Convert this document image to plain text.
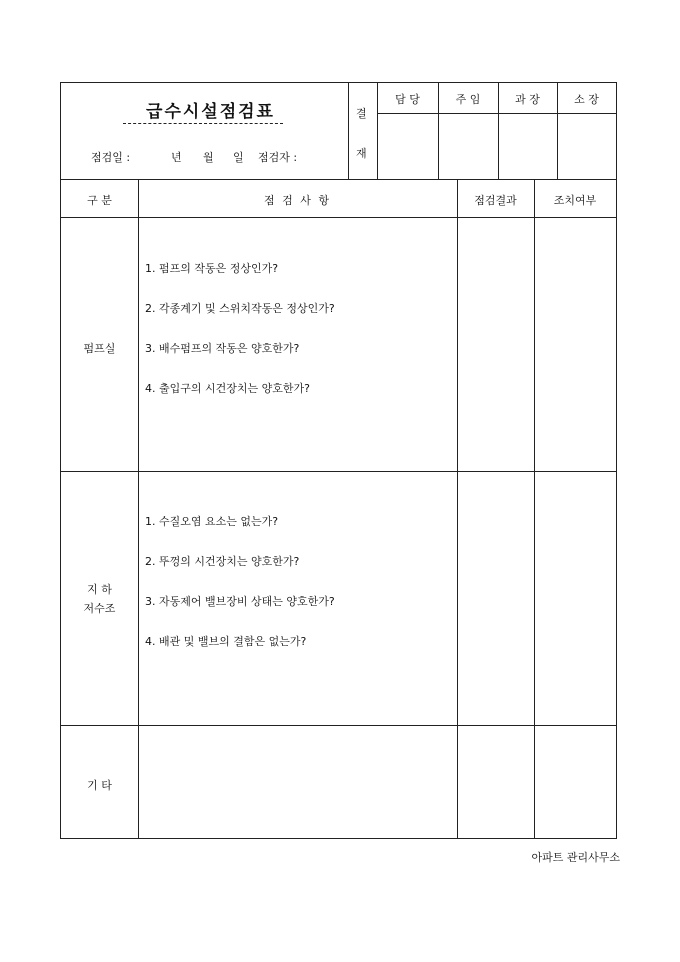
급수시설점검표
점검일 :	년 월 일 점검자 :
결
재
담 당	주 임	과 장	소 장
구 분	점 검 사 항	점검결과	조치여부
펌프실
1. 펌프의 작동은 정상인가?
2. 각종계기 및 스위치작동은 정상인가?
3. 배수펌프의 작동은 양호한가?
4. 출입구의 시건장치는 양호한가?
지 하
저수조
1. 수질오염 요소는 없는가?
2. 뚜껑의 시건장치는 양호한가?
3. 자동제어 밸브장비 상태는 양호한가?
4. 배관 및 밸브의 결함은 없는가?
기 타
아파트 관리사무소
